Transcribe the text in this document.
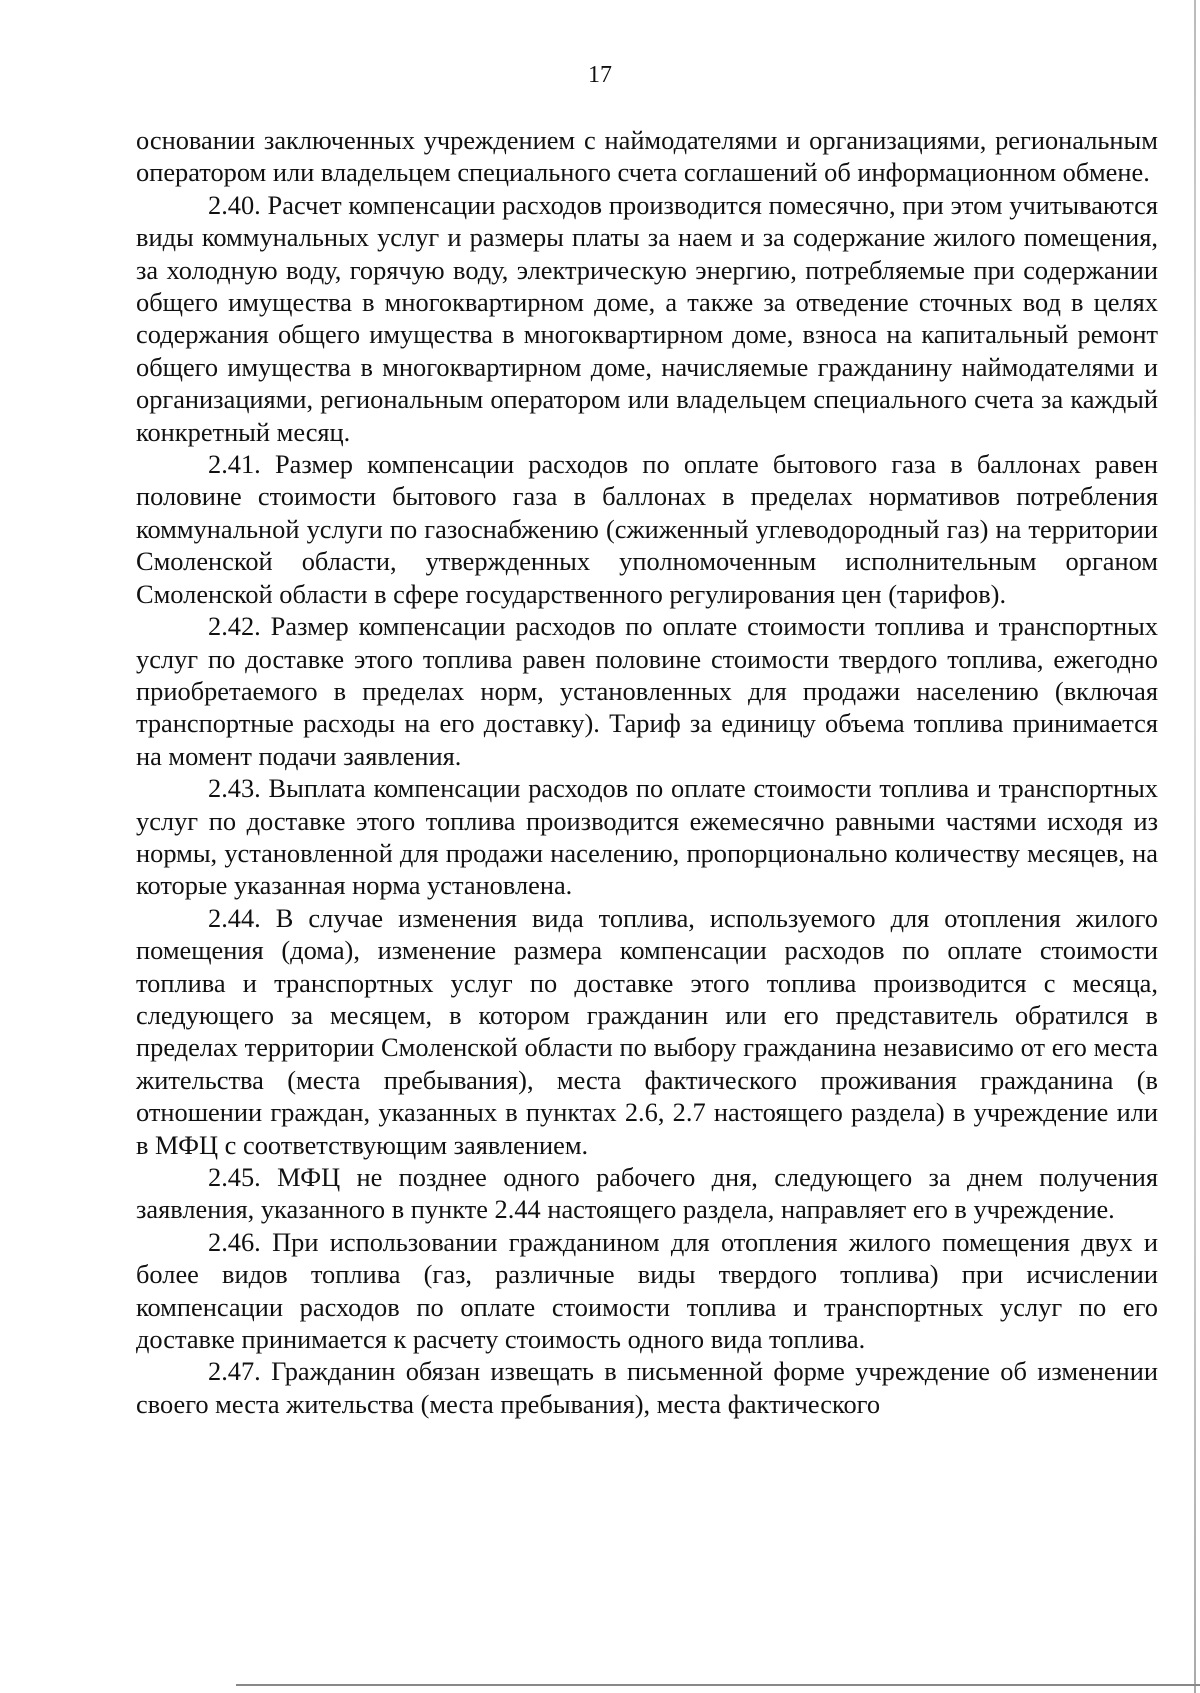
17

основании заключенных учреждением с наймодателями и организациями, региональным оператором или владельцем специального счета соглашений об информационном обмене.

2.40. Расчет компенсации расходов производится помесячно, при этом учитываются виды коммунальных услуг и размеры платы за наем и за содержание жилого помещения, за холодную воду, горячую воду, электрическую энергию, потребляемые при содержании общего имущества в многоквартирном доме, а также за отведение сточных вод в целях содержания общего имущества в многоквартирном доме, взноса на капитальный ремонт общего имущества в многоквартирном доме, начисляемые гражданину наймодателями и организациями, региональным оператором или владельцем специального счета за каждый конкретный месяц.

2.41. Размер компенсации расходов по оплате бытового газа в баллонах равен половине стоимости бытового газа в баллонах в пределах нормативов потребления коммунальной услуги по газоснабжению (сжиженный углеводородный газ) на территории Смоленской области, утвержденных уполномоченным исполнительным органом Смоленской области в сфере государственного регулирования цен (тарифов).

2.42. Размер компенсации расходов по оплате стоимости топлива и транспортных услуг по доставке этого топлива равен половине стоимости твердого топлива, ежегодно приобретаемого в пределах норм, установленных для продажи населению (включая транспортные расходы на его доставку). Тариф за единицу объема топлива принимается на момент подачи заявления.

2.43. Выплата компенсации расходов по оплате стоимости топлива и транспортных услуг по доставке этого топлива производится ежемесячно равными частями исходя из нормы, установленной для продажи населению, пропорционально количеству месяцев, на которые указанная норма установлена.

2.44. В случае изменения вида топлива, используемого для отопления жилого помещения (дома), изменение размера компенсации расходов по оплате стоимости топлива и транспортных услуг по доставке этого топлива производится с месяца, следующего за месяцем, в котором гражданин или его представитель обратился в пределах территории Смоленской области по выбору гражданина независимо от его места жительства (места пребывания), места фактического проживания гражданина (в отношении граждан, указанных в пунктах 2.6, 2.7 настоящего раздела) в учреждение или в МФЦ с соответствующим заявлением.

2.45. МФЦ не позднее одного рабочего дня, следующего за днем получения заявления, указанного в пункте 2.44 настоящего раздела, направляет его в учреждение.

2.46. При использовании гражданином для отопления жилого помещения двух и более видов топлива (газ, различные виды твердого топлива) при исчислении компенсации расходов по оплате стоимости топлива и транспортных услуг по его доставке принимается к расчету стоимость одного вида топлива.

2.47. Гражданин обязан извещать в письменной форме учреждение об изменении своего места жительства (места пребывания), места фактического
